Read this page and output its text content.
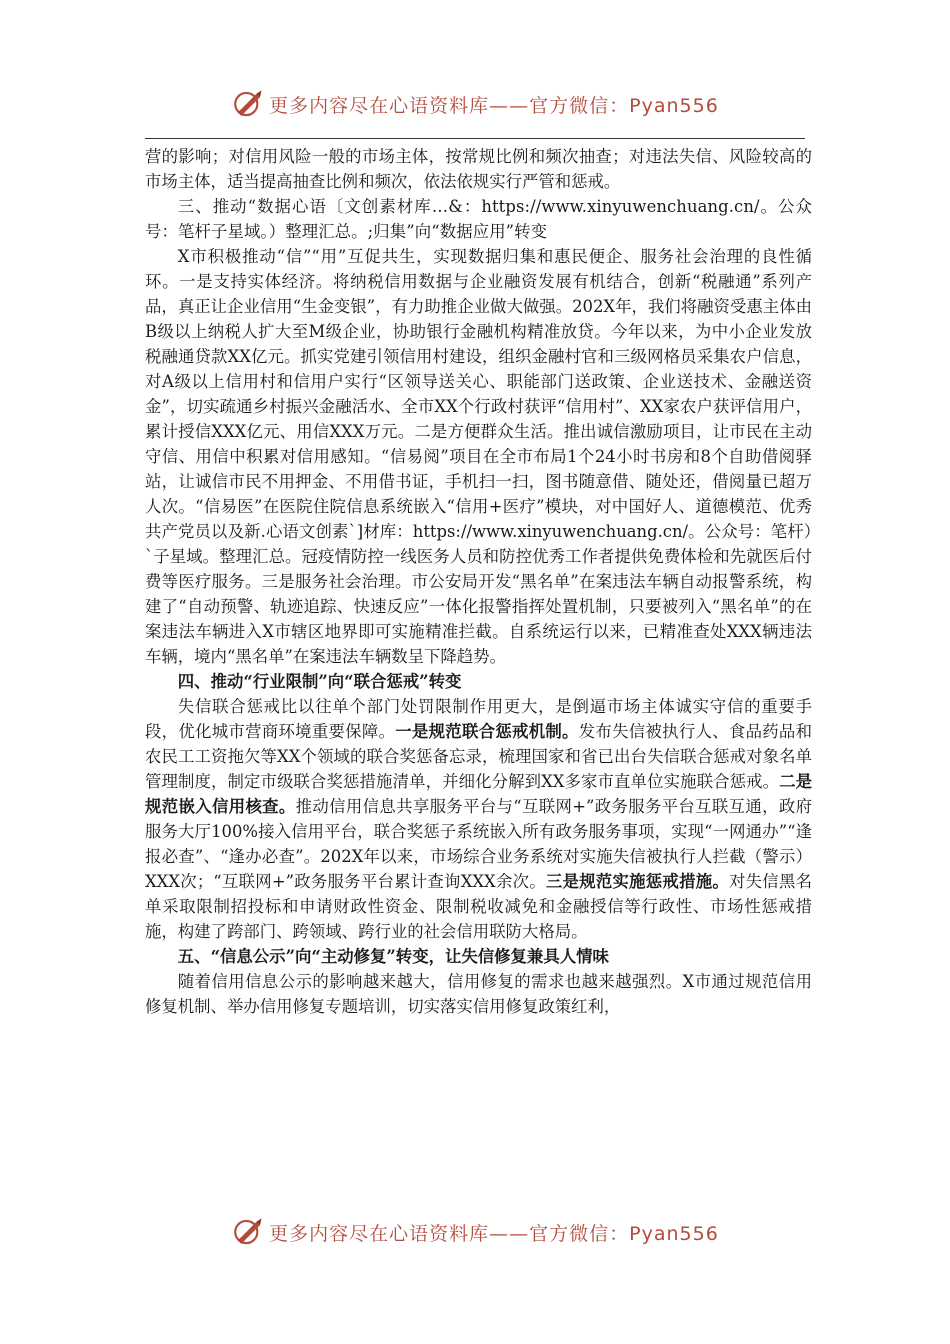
更多内容尽在心语资料库——官方微信：Pyan556

营的影响；对信用风险一般的市场主体，按常规比例和频次抽查；对违法失信、风险较高的市场主体，适当提高抽查比例和频次，依法依规实行严管和惩戒。

三、推动“数据心语〔文创素材库…&：https://www.xinyuwenchuang.cn/。公众号：笔杆子星域。）整理汇总。;归集”向“数据应用”转变

X市积极推动“信”“用”互促共生，实现数据归集和惠民便企、服务社会治理的良性循环。一是支持实体经济。将纳税信用数据与企业融资发展有机结合，创新“税融通”系列产品，真正让企业信用“生金变银”，有力助推企业做大做强。202X年，我们将融资受惠主体由B级以上纳税人扩大至M级企业，协助银行金融机构精准放贷。今年以来，为中小企业发放税融通贷款XX亿元。抓实党建引领信用村建设，组织金融村官和三级网格员采集农户信息，对A级以上信用村和信用户实行“区领导送关心、职能部门送政策、企业送技术、金融送资金”，切实疏通乡村振兴金融活水、全市XX个行政村获评“信用村”、XX家农户获评信用户，累计授信XXX亿元、用信XXX万元。二是方便群众生活。推出诚信激励项目，让市民在主动守信、用信中积累对信用感知。“信易阅”项目在全市布局1个24小时书房和8个自助借阅驿站，让诚信市民不用押金、不用借书证，手机扫一扫，图书随意借、随处还，借阅量已超万人次。“信易医”在医院住院信息系统嵌入“信用+医疗”模块，对中国好人、道德模范、优秀共产党员以及新.心语文创素`]材库：https://www.xinyuwenchuang.cn/。公众号：笔杆）`子星域。整理汇总。冠疫情防控一线医务人员和防控优秀工作者提供免费体检和先就医后付费等医疗服务。三是服务社会治理。市公安局开发“黑名单”在案违法车辆自动报警系统，构建了“自动预警、轨迹追踪、快速反应”一体化报警指挥处置机制，只要被列入“黑名单”的在案违法车辆进入X市辖区地界即可实施精准拦截。自系统运行以来，已精准查处XXX辆违法车辆，境内“黑名单”在案违法车辆数呈下降趋势。

四、推动“行业限制”向“联合惩戒”转变

失信联合惩戒比以往单个部门处罚限制作用更大，是倒逼市场主体诚实守信的重要手段，优化城市营商环境重要保障。一是规范联合惩戒机制。发布失信被执行人、食品药品和农民工工资拖欠等XX个领域的联合奖惩备忘录，梳理国家和省已出台失信联合惩戒对象名单管理制度，制定市级联合奖惩措施清单，并细化分解到XX多家市直单位实施联合惩戒。二是规范嵌入信用核查。推动信用信息共享服务平台与“互联网+”政务服务平台互联互通，政府服务大厅100%接入信用平台，联合奖惩子系统嵌入所有政务服务事项，实现“一网通办”“逢报必查”、“逢办必查”。202X年以来，市场综合业务系统对实施失信被执行人拦截（警示）XXX次；“互联网+”政务服务平台累计查询XXX余次。三是规范实施惩戒措施。对失信黑名单采取限制招投标和申请财政性资金、限制税收减免和金融授信等行政性、市场性惩戒措施，构建了跨部门、跨领域、跨行业的社会信用联防大格局。

五、“信息公示”向“主动修复”转变，让失信修复兼具人情味

随着信用信息公示的影响越来越大，信用修复的需求也越来越强烈。X市通过规范信用修复机制、举办信用修复专题培训，切实落实信用修复政策红利，

更多内容尽在心语资料库——官方微信：Pyan556
